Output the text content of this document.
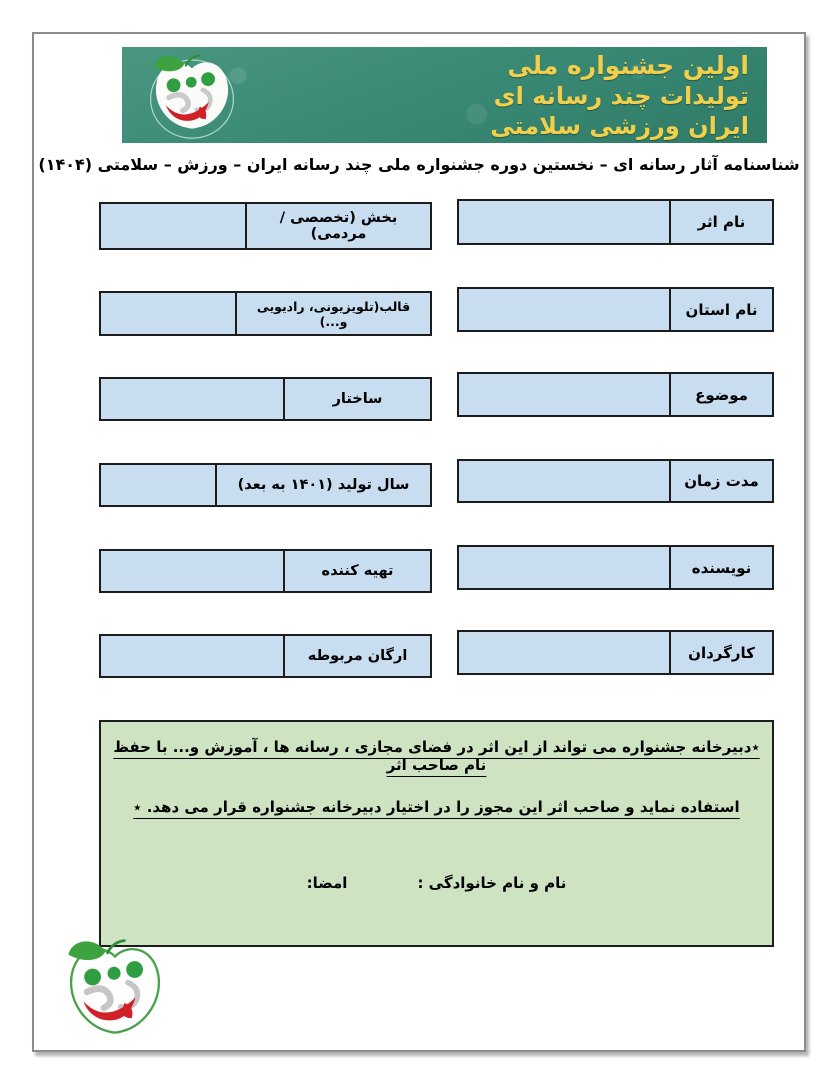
اولین جشنواره ملی
تولیدات چند رسانه ای
ایران ورزشی سلامتی
شناسنامه آثار رسانه ای – نخستین دوره جشنواره ملی چند رسانه ایران – ورزش – سلامتی (۱۴۰۴)
نام اثر
نام استان
موضوع
مدت زمان
نویسنده
کارگردان
بخش (تخصصی /مردمی)
قالب(تلویزیونی، رادیویی و...)
ساختار
سال تولید (۱۴۰۱ به بعد)
تهیه کننده
ارگان مربوطه
٭دبیرخانه جشنواره می تواند از این اثر در فضای مجازی ، رسانه ها ، آموزش و... با حفظ نام صاحب اثر
استفاده نماید و صاحب اثر این مجوز را در اختیار دبیرخانه جشنواره قرار می دهد. ٭
نام و نام خانوادگی :
امضا:
